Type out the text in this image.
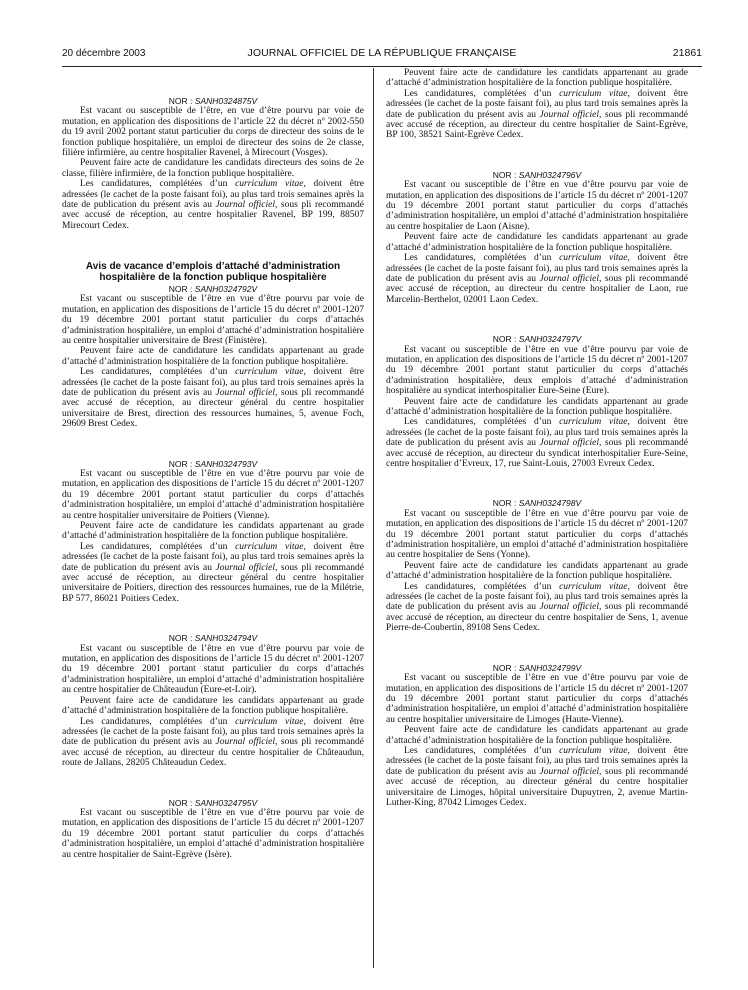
20 décembre 2003	JOURNAL OFFICIEL DE LA RÉPUBLIQUE FRANÇAISE	21861

NOR : SANH0324875V

Est vacant ou susceptible de l’être, en vue d’être pourvu par voie de mutation, en application des dispositions de l’article 22 du décret nº 2002-550 du 19 avril 2002 portant statut particulier du corps de directeur des soins de le fonction publique hospitalière, un emploi de directeur des soins de 2e classe, filière infirmière, au centre hospitalier Ravenel, à Mirecourt (Vosges).

Peuvent faire acte de candidature les candidats directeurs des soins de 2e classe, filière infirmière, de la fonction publique hospitalière.

Les candidatures, complétées d’un curriculum vitae, doivent être adressées (le cachet de la poste faisant foi), au plus tard trois semaines après la date de publication du présent avis au Journal officiel, sous pli recommandé avec accusé de réception, au centre hospitalier Ravenel, BP 199, 88507 Mirecourt Cedex.

Avis de vacance d’emplois d’attaché d’administration hospitalière de la fonction publique hospitalière

NOR : SANH0324792V

Est vacant ou susceptible de l’être en vue d’être pourvu par voie de mutation, en application des dispositions de l’article 15 du décret nº 2001-1207 du 19 décembre 2001 portant statut particulier du corps d’attachés d’administration hospitalière, un emploi d’attaché d’administration hospitalière au centre hospitalier universitaire de Brest (Finistère).

Peuvent faire acte de candidature les candidats appartenant au grade d’attaché d’administration hospitalière de la fonction publique hospitalière.

Les candidatures, complétées d’un curriculum vitae, doivent être adressées (le cachet de la poste faisant foi), au plus tard trois semaines après la date de publication du présent avis au Journal officiel, sous pli recommandé avec accusé de réception, au directeur général du centre hospitalier universitaire de Brest, direction des ressources humaines, 5, avenue Foch, 29609 Brest Cedex.

NOR : SANH0324793V

Est vacant ou susceptible de l’être en vue d’être pourvu par voie de mutation, en application des dispositions de l’article 15 du décret nº 2001-1207 du 19 décembre 2001 portant statut particulier du corps d’attachés d’administration hospitalière, un emploi d’attaché d’administration hospitalière au centre hospitalier universitaire de Poitiers (Vienne).

Peuvent faire acte de candidature les candidats appartenant au grade d’attaché d’administration hospitalière de la fonction publique hospitalière.

Les candidatures, complétées d’un curriculum vitae, doivent être adressées (le cachet de la poste faisant foi), au plus tard trois semaines après la date de publication du présent avis au Journal officiel, sous pli recommandé avec accusé de réception, au directeur général du centre hospitalier universitaire de Poitiers, direction des ressources humaines, rue de la Milétrie, BP 577, 86021 Poitiers Cedex.

NOR : SANH0324794V

Est vacant ou susceptible de l’être en vue d’être pourvu par voie de mutation, en application des dispositions de l’article 15 du décret nº 2001-1207 du 19 décembre 2001 portant statut particulier du corps d’attachés d’administration hospitalière, un emploi d’attaché d’administration hospitalière au centre hospitalier de Châteaudun (Eure-et-Loir).

Peuvent faire acte de candidature les candidats appartenant au grade d’attaché d’administration hospitalière de la fonction publique hospitalière.

Les candidatures, complétées d’un curriculum vitae, doivent être adressées (le cachet de la poste faisant foi), au plus tard trois semaines après la date de publication du présent avis au Journal officiel, sous pli recommandé avec accusé de réception, au directeur du centre hospitalier de Châteaudun, route de Jallans, 28205 Châteaudun Cedex.

NOR : SANH0324795V

Est vacant ou susceptible de l’être en vue d’être pourvu par voie de mutation, en application des dispositions de l’article 15 du décret nº 2001-1207 du 19 décembre 2001 portant statut particulier du corps d’attachés d’administration hospitalière, un emploi d’attaché d’administration hospitalière au centre hospitalier de Saint-Egrève (Isère).

Peuvent faire acte de candidature les candidats appartenant au grade d’attaché d’administration hospitalière de la fonction publique hospitalière.

Les candidatures, complétées d’un curriculum vitae, doivent être adressées (le cachet de la poste faisant foi), au plus tard trois semaines après la date de publication du présent avis au Journal officiel, sous pli recommandé avec accusé de réception, au directeur du centre hospitalier de Saint-Egrève, BP 100, 38521 Saint-Egrève Cedex.

NOR : SANH0324796V

Est vacant ou susceptible de l’être en vue d’être pourvu par voie de mutation, en application des dispositions de l’article 15 du décret nº 2001-1207 du 19 décembre 2001 portant statut particulier du corps d’attachés d’administration hospitalière, un emploi d’attaché d’administration hospitalière au centre hospitalier de Laon (Aisne).

Peuvent faire acte de candidature les candidats appartenant au grade d’attaché d’administration hospitalière de la fonction publique hospitalière.

Les candidatures, complétées d’un curriculum vitae, doivent être adressées (le cachet de la poste faisant foi), au plus tard trois semaines après la date de publication du présent avis au Journal officiel, sous pli recommandé avec accusé de réception, au directeur du centre hospitalier de Laon, rue Marcelin-Berthelot, 02001 Laon Cedex.

NOR : SANH0324797V

Est vacant ou susceptible de l’être en vue d’être pourvu par voie de mutation, en application des dispositions de l’article 15 du décret nº 2001-1207 du 19 décembre 2001 portant statut particulier du corps d’attachés d’administration hospitalière, deux emplois d’attaché d’administration hospitalière au syndicat interhospitalier Eure-Seine (Eure).

Peuvent faire acte de candidature les candidats appartenant au grade d’attaché d’administration hospitalière de la fonction publique hospitalière.

Les candidatures, complétées d’un curriculum vitae, doivent être adressées (le cachet de la poste faisant foi), au plus tard trois semaines après la date de publication du présent avis au Journal officiel, sous pli recommandé avec accusé de réception, au directeur du syndicat interhospitalier Eure-Seine, centre hospitalier d’Evreux, 17, rue Saint-Louis, 27003 Evreux Cedex.

NOR : SANH0324798V

Est vacant ou susceptible de l’être en vue d’être pourvu par voie de mutation, en application des dispositions de l’article 15 du décret nº 2001-1207 du 19 décembre 2001 portant statut particulier du corps d’attachés d’administration hospitalière, un emploi d’attaché d’administration hospitalière au centre hospitalier de Sens (Yonne).

Peuvent faire acte de candidature les candidats appartenant au grade d’attaché d’administration hospitalière de la fonction publique hospitalière.

Les candidatures, complétées d’un curriculum vitae, doivent être adressées (le cachet de la poste faisant foi), au plus tard trois semaines après la date de publication du présent avis au Journal officiel, sous pli recommandé avec accusé de réception, au directeur du centre hospitalier de Sens, 1, avenue Pierre-de-Coubertin, 89108 Sens Cedex.

NOR : SANH0324799V

Est vacant ou susceptible de l’être en vue d’être pourvu par voie de mutation, en application des dispositions de l’article 15 du décret nº 2001-1207 du 19 décembre 2001 portant statut particulier du corps d’attachés d’administration hospitalière, un emploi d’attaché d’administration hospitalière au centre hospitalier universitaire de Limoges (Haute-Vienne).

Peuvent faire acte de candidature les candidats appartenant au grade d’attaché d’administration hospitalière de la fonction publique hospitalière.

Les candidatures, complétées d’un curriculum vitae, doivent être adressées (le cachet de la poste faisant foi), au plus tard trois semaines après la date de publication du présent avis au Journal officiel, sous pli recommandé avec accusé de réception, au directeur général du centre hospitalier universitaire de Limoges, hôpital universitaire Dupuytren, 2, avenue Martin-Luther-King, 87042 Limoges Cedex.
